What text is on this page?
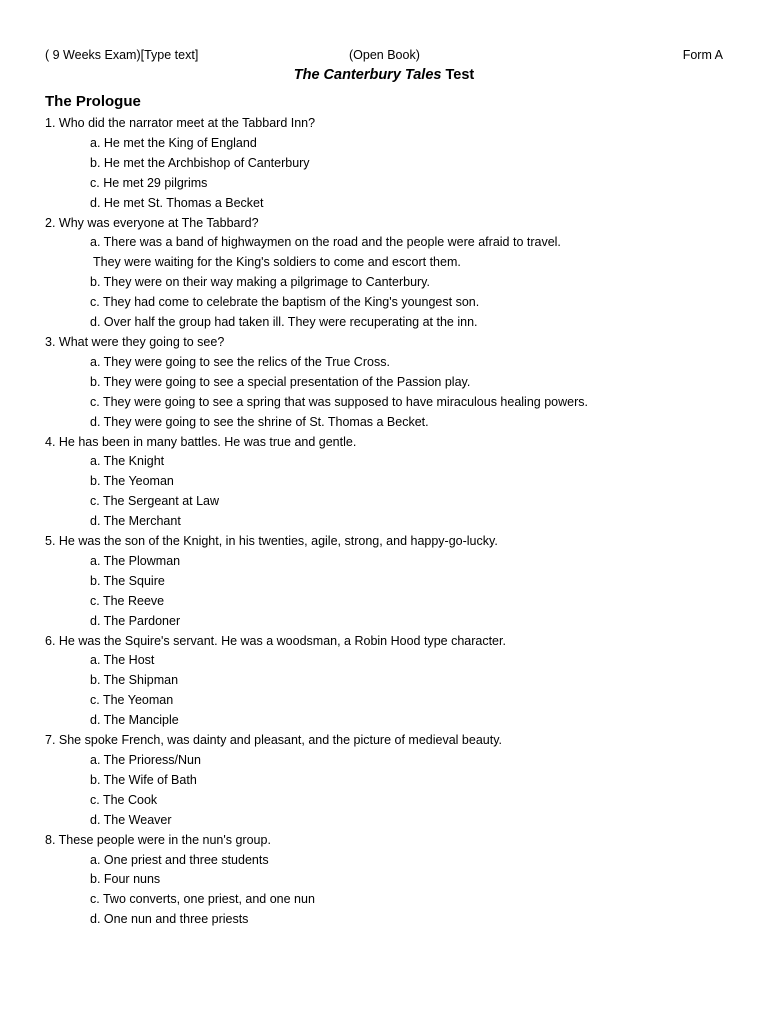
( 9 Weeks Exam)[Type text]	(Open Book)	Form A
The Canterbury Tales Test
The Prologue
1. Who did the narrator meet at the Tabbard Inn?
a. He met the King of England
b. He met the Archbishop of Canterbury
c. He met 29 pilgrims
d. He met St. Thomas a Becket
2. Why was everyone at The Tabbard?
a. There was a band of highwaymen on the road and the people were afraid to travel.
They were waiting for the King's soldiers to come and escort them.
b. They were on their way making a pilgrimage to Canterbury.
c. They had come to celebrate the baptism of the King's youngest son.
d. Over half the group had taken ill. They were recuperating at the inn.
3. What were they going to see?
a. They were going to see the relics of the True Cross.
b. They were going to see a special presentation of the Passion play.
c. They were going to see a spring that was supposed to have miraculous healing powers.
d. They were going to see the shrine of St. Thomas a Becket.
4. He has been in many battles. He was true and gentle.
a. The Knight
b. The Yeoman
c. The Sergeant at Law
d. The Merchant
5. He was the son of the Knight, in his twenties, agile, strong, and happy-go-lucky.
a. The Plowman
b. The Squire
c. The Reeve
d. The Pardoner
6. He was the Squire's servant. He was a woodsman, a Robin Hood type character.
a. The Host
b. The Shipman
c. The Yeoman
d. The Manciple
7. She spoke French, was dainty and pleasant, and the picture of medieval beauty.
a. The Prioress/Nun
b. The Wife of Bath
c. The Cook
d. The Weaver
8. These people were in the nun's group.
a. One priest and three students
b. Four nuns
c. Two converts, one priest, and one nun
d. One nun and three priests
